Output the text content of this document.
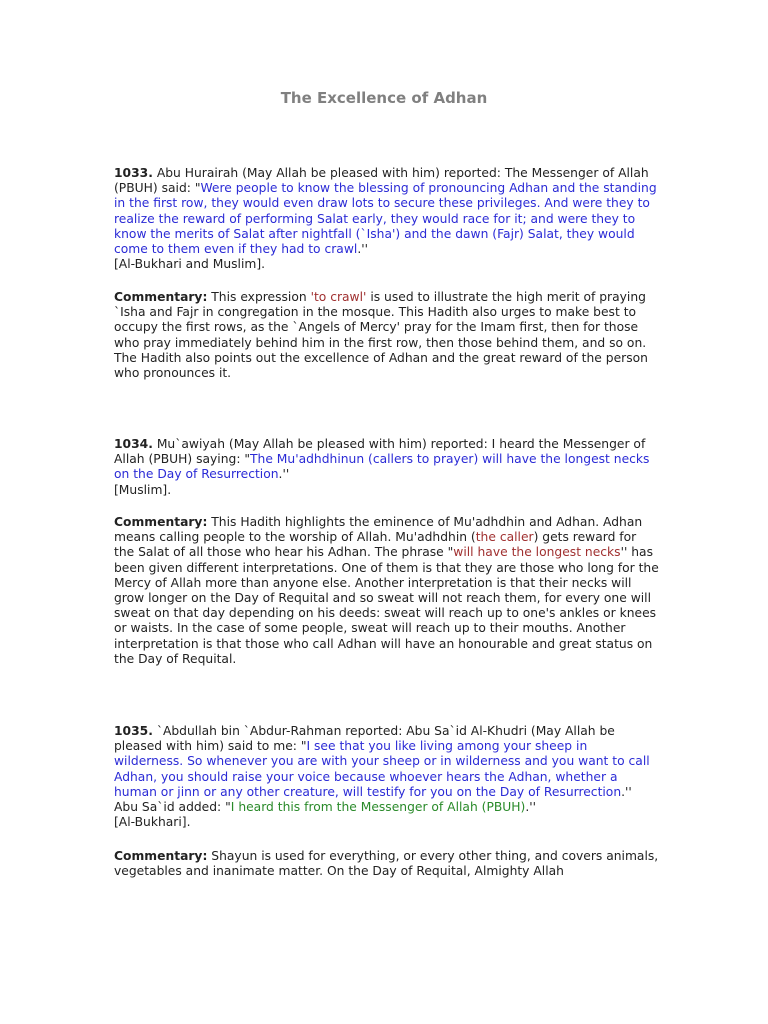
The Excellence of Adhan

1033. Abu Hurairah (May Allah be pleased with him) reported: The Messenger of Allah (PBUH) said: "Were people to know the blessing of pronouncing Adhan and the standing in the first row, they would even draw lots to secure these privileges. And were they to realize the reward of performing Salat early, they would race for it; and were they to know the merits of Salat after nightfall (`Isha') and the dawn (Fajr) Salat, they would come to them even if they had to crawl.''
[Al-Bukhari and Muslim].

Commentary: This expression 'to crawl' is used to illustrate the high merit of praying `Isha and Fajr in congregation in the mosque. This Hadith also urges to make best to occupy the first rows, as the `Angels of Mercy' pray for the Imam first, then for those who pray immediately behind him in the first row, then those behind them, and so on. The Hadith also points out the excellence of Adhan and the great reward of the person who pronounces it.

1034. Mu`awiyah (May Allah be pleased with him) reported: I heard the Messenger of Allah (PBUH) saying: "The Mu'adhdhinun (callers to prayer) will have the longest necks on the Day of Resurrection.''
[Muslim].

Commentary: This Hadith highlights the eminence of Mu'adhdhin and Adhan. Adhan means calling people to the worship of Allah. Mu'adhdhin (the caller) gets reward for the Salat of all those who hear his Adhan. The phrase "will have the longest necks'' has been given different interpretations. One of them is that they are those who long for the Mercy of Allah more than anyone else. Another interpretation is that their necks will grow longer on the Day of Requital and so sweat will not reach them, for every one will sweat on that day depending on his deeds: sweat will reach up to one's ankles or knees or waists. In the case of some people, sweat will reach up to their mouths. Another interpretation is that those who call Adhan will have an honourable and great status on the Day of Requital.

1035. `Abdullah bin `Abdur-Rahman reported: Abu Sa`id Al-Khudri (May Allah be pleased with him) said to me: "I see that you like living among your sheep in wilderness. So whenever you are with your sheep or in wilderness and you want to call Adhan, you should raise your voice because whoever hears the Adhan, whether a human or jinn or any other creature, will testify for you on the Day of Resurrection.''
Abu Sa`id added: "I heard this from the Messenger of Allah (PBUH).''
[Al-Bukhari].

Commentary: Shayun is used for everything, or every other thing, and covers animals, vegetables and inanimate matter. On the Day of Requital, Almighty Allah
